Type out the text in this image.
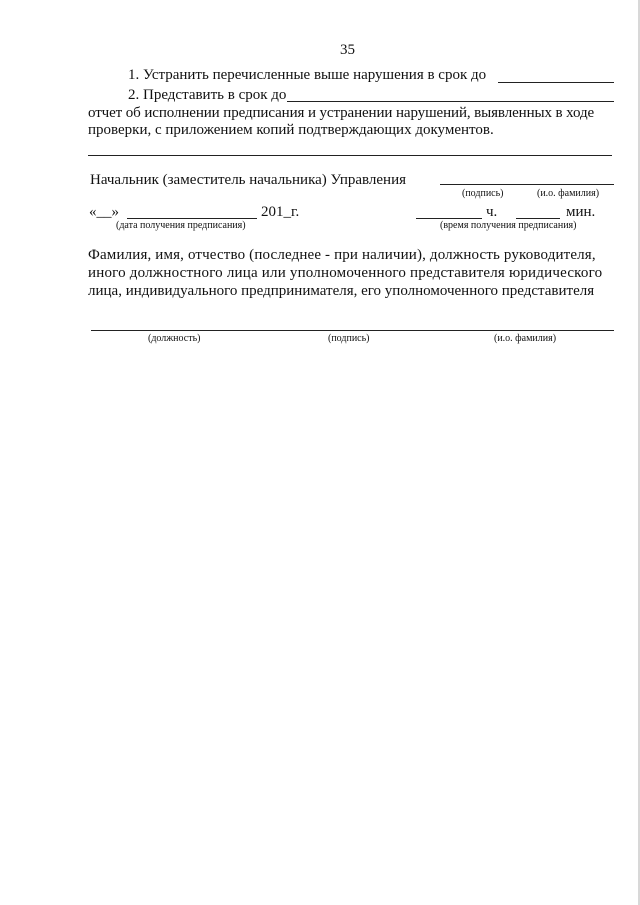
35
1. Устранить перечисленные выше нарушения в срок до
2. Представить в срок до
отчет об исполнении предписания и устранении нарушений, выявленных в ходе
проверки, с приложением копий подтверждающих документов.
Начальник (заместитель начальника) Управления
(подпись)	(и.о. фамилия)
«__»	201_г.
(дата получения предписания)
ч.	мин.
(время получения предписания)
Фамилия, имя, отчество (последнее - при наличии), должность руководителя,
иного должностного лица или уполномоченного представителя юридического
лица, индивидуального предпринимателя, его уполномоченного представителя
(должность)	(подпись)	(и.о. фамилия)
